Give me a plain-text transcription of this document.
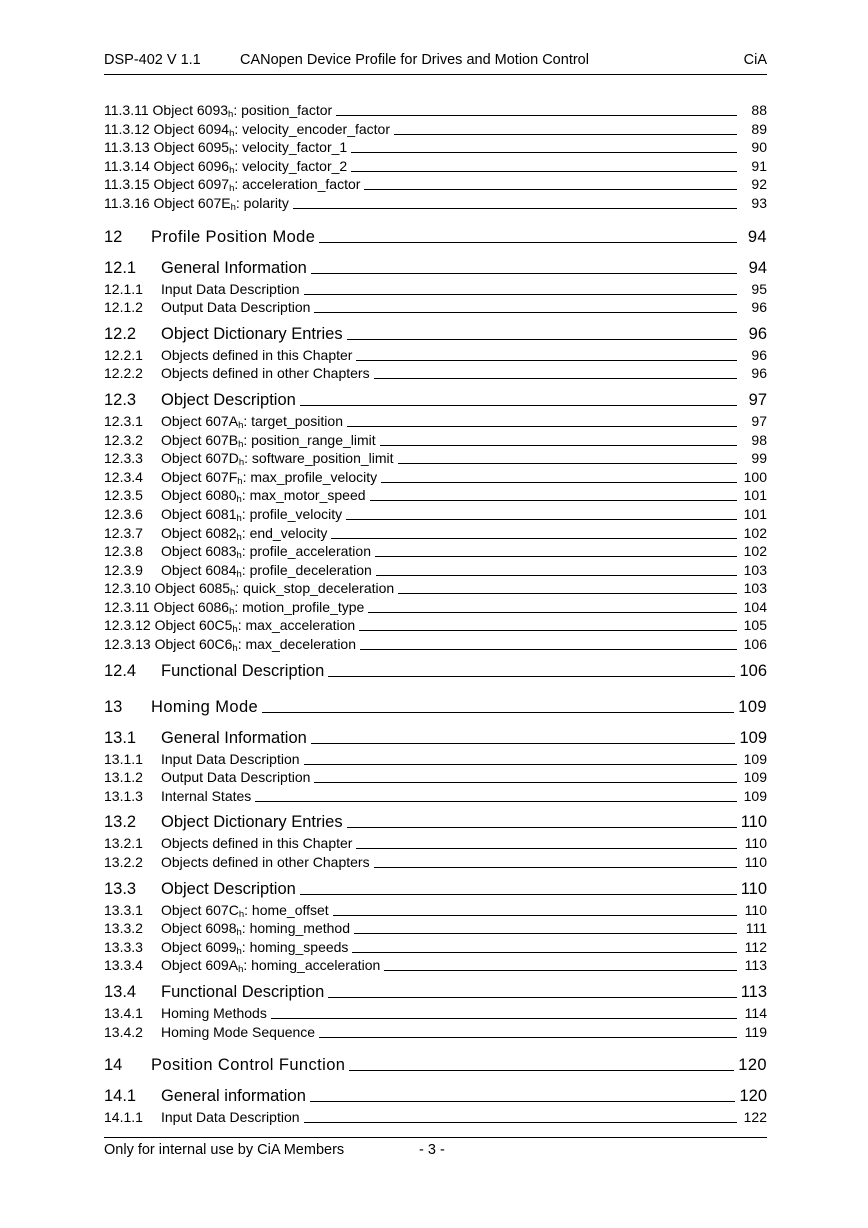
DSP-402 V 1.1	CANopen Device Profile for Drives and Motion Control	CiA
11.3.11 Object 6093h: position_factor	88
11.3.12 Object 6094h: velocity_encoder_factor	89
11.3.13 Object 6095h: velocity_factor_1	90
11.3.14 Object 6096h: velocity_factor_2	91
11.3.15 Object 6097h: acceleration_factor	92
11.3.16 Object 607Eh: polarity	93
12	Profile Position Mode	94
12.1	General Information	94
12.1.1	Input Data Description	95
12.1.2	Output Data Description	96
12.2	Object Dictionary Entries	96
12.2.1	Objects defined in this Chapter	96
12.2.2	Objects defined in other Chapters	96
12.3	Object Description	97
12.3.1	Object 607Ah: target_position	97
12.3.2	Object 607Bh: position_range_limit	98
12.3.3	Object 607Dh: software_position_limit	99
12.3.4	Object 607Fh: max_profile_velocity	100
12.3.5	Object 6080h: max_motor_speed	101
12.3.6	Object 6081h: profile_velocity	101
12.3.7	Object 6082h: end_velocity	102
12.3.8	Object 6083h: profile_acceleration	102
12.3.9	Object 6084h: profile_deceleration	103
12.3.10 Object 6085h: quick_stop_deceleration	103
12.3.11 Object 6086h: motion_profile_type	104
12.3.12 Object 60C5h: max_acceleration	105
12.3.13 Object 60C6h: max_deceleration	106
12.4	Functional Description	106
13	Homing Mode	109
13.1	General Information	109
13.1.1	Input Data Description	109
13.1.2	Output Data Description	109
13.1.3	Internal States	109
13.2	Object Dictionary Entries	110
13.2.1	Objects defined in this Chapter	110
13.2.2	Objects defined in other Chapters	110
13.3	Object Description	110
13.3.1	Object 607Ch: home_offset	110
13.3.2	Object 6098h: homing_method	111
13.3.3	Object 6099h: homing_speeds	112
13.3.4	Object 609Ah: homing_acceleration	113
13.4	Functional Description	113
13.4.1	Homing Methods	114
13.4.2	Homing Mode Sequence	119
14	Position Control Function	120
14.1	General information	120
14.1.1	Input Data Description	122
Only for internal use by CiA Members	- 3 -
